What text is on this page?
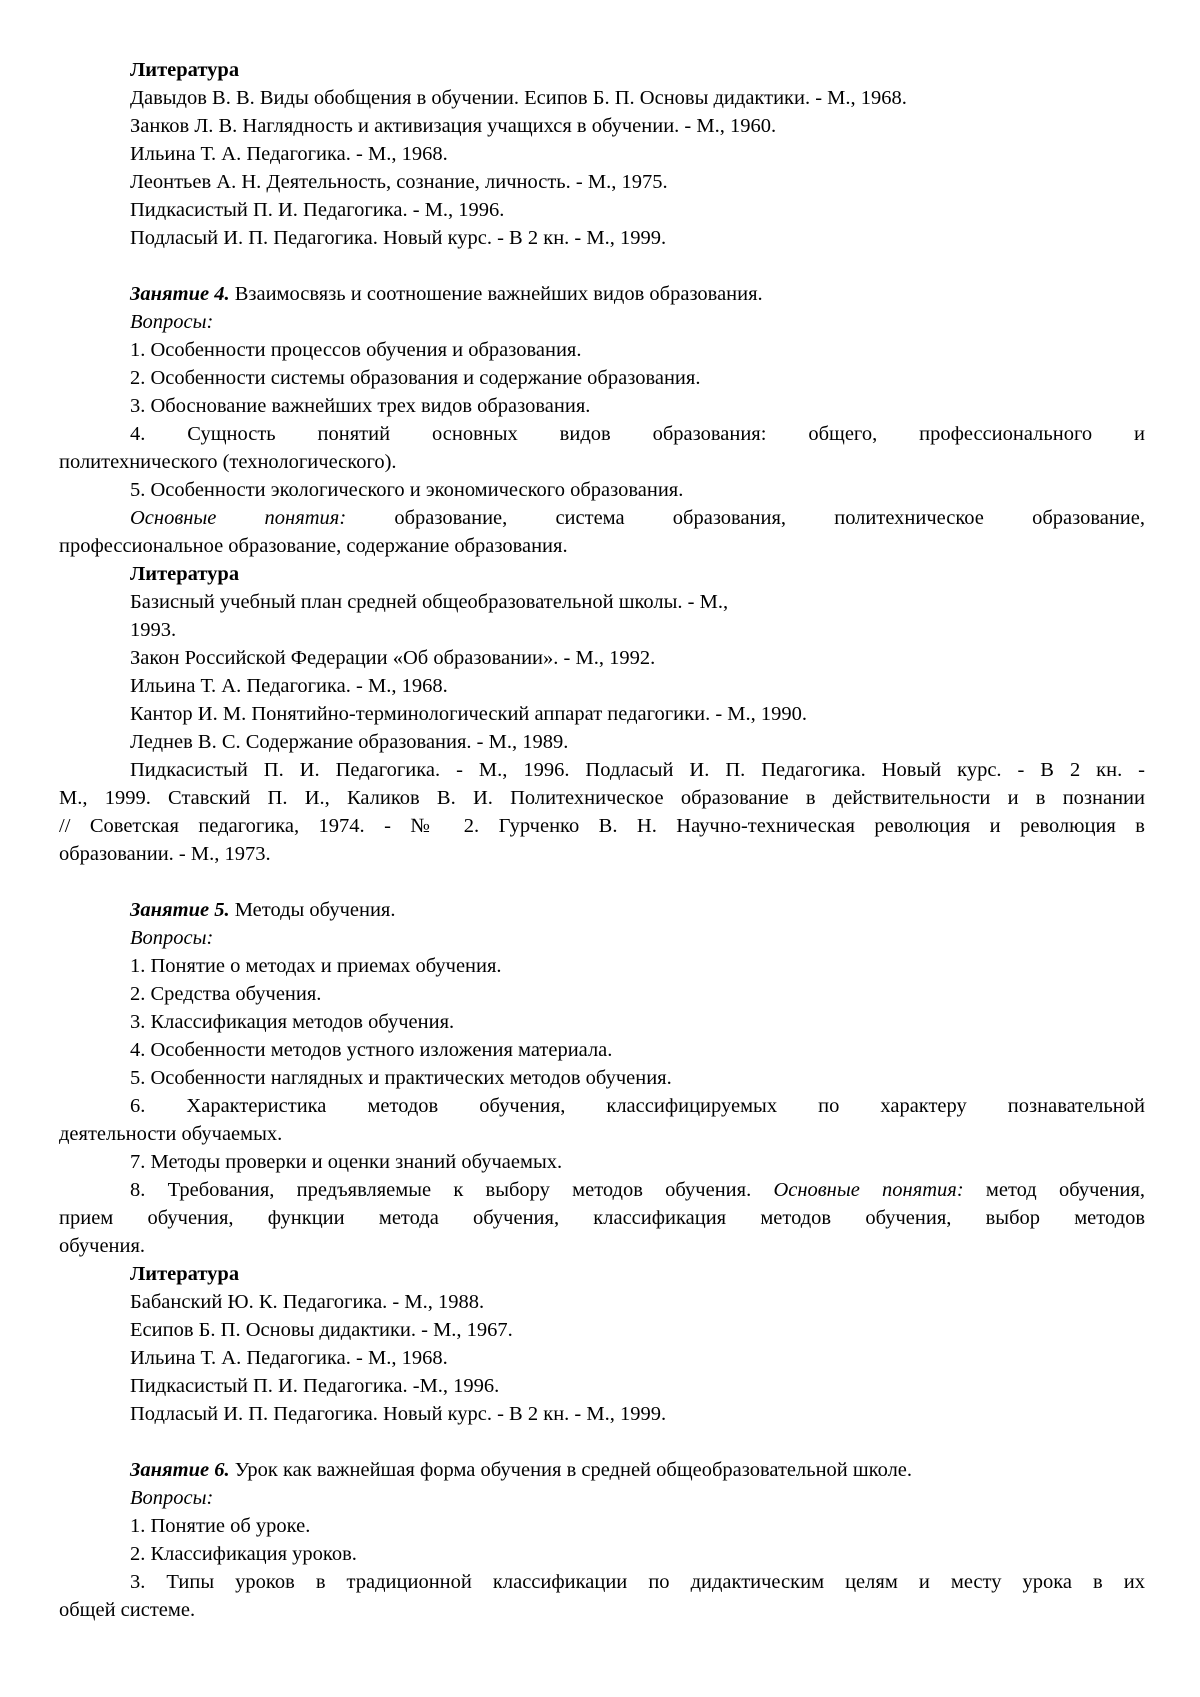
Литература
Давыдов В. В. Виды обобщения в обучении. Есипов Б. П. Основы дидактики. - М., 1968.
Занков Л. В. Наглядность и активизация учащихся в обучении. - М., 1960.
Ильина Т. А. Педагогика. - М., 1968.
Леонтьев А. Н. Деятельность, сознание, личность. - М., 1975.
Пидкасистый П. И. Педагогика. - М., 1996.
Подласый И. П. Педагогика. Новый курс. - В 2 кн. - М., 1999.
Занятие 4. Взаимосвязь и соотношение важнейших видов образования.
Вопросы:
1. Особенности процессов обучения и образования.
2. Особенности системы образования и содержание образования.
3. Обоснование важнейших трех видов образования.
4. Сущность понятий основных видов образования: общего, профессионального и
политехнического (технологического).
5. Особенности экологического и экономического образования.
Основные понятия: образование, система образования, политехническое образование,
профессиональное образование, содержание образования.
Литература
Базисный учебный план средней общеобразовательной школы. - М.,
1993.
Закон Российской Федерации «Об образовании». - М., 1992.
Ильина Т. А. Педагогика. - М., 1968.
Кантор И. М. Понятийно-терминологический аппарат педагогики. - М., 1990.
Леднев В. С. Содержание образования. - М., 1989.
Пидкасистый П. И. Педагогика. - М., 1996. Подласый И. П. Педагогика. Новый курс. - В 2 кн. -
М., 1999. Ставский П. И., Каликов В. И. Политехническое образование в действительности и в познании
// Советская педагогика, 1974. - № 2. Гурченко В. Н. Научно-техническая революция и революция в
образовании. - М., 1973.
Занятие 5. Методы обучения.
Вопросы:
1. Понятие о методах и приемах обучения.
2. Средства обучения.
3. Классификация методов обучения.
4. Особенности методов устного изложения материала.
5. Особенности наглядных и практических методов обучения.
6. Характеристика методов обучения, классифицируемых по характеру познавательной
деятельности обучаемых.
7. Методы проверки и оценки знаний обучаемых.
8. Требования, предъявляемые к выбору методов обучения. Основные понятия: метод обучения,
прием обучения, функции метода обучения, классификация методов обучения, выбор методов
обучения.
Литература
Бабанский Ю. К. Педагогика. - М., 1988.
Есипов Б. П. Основы дидактики. - М., 1967.
Ильина Т. А. Педагогика. - М., 1968.
Пидкасистый П. И. Педагогика. -М., 1996.
Подласый И. П. Педагогика. Новый курс. - В 2 кн. - М., 1999.
Занятие 6. Урок как важнейшая форма обучения в средней общеобразовательной школе.
Вопросы:
1. Понятие об уроке.
2. Классификация уроков.
3. Типы уроков в традиционной классификации по дидактическим целям и месту урока в их
общей системе.
